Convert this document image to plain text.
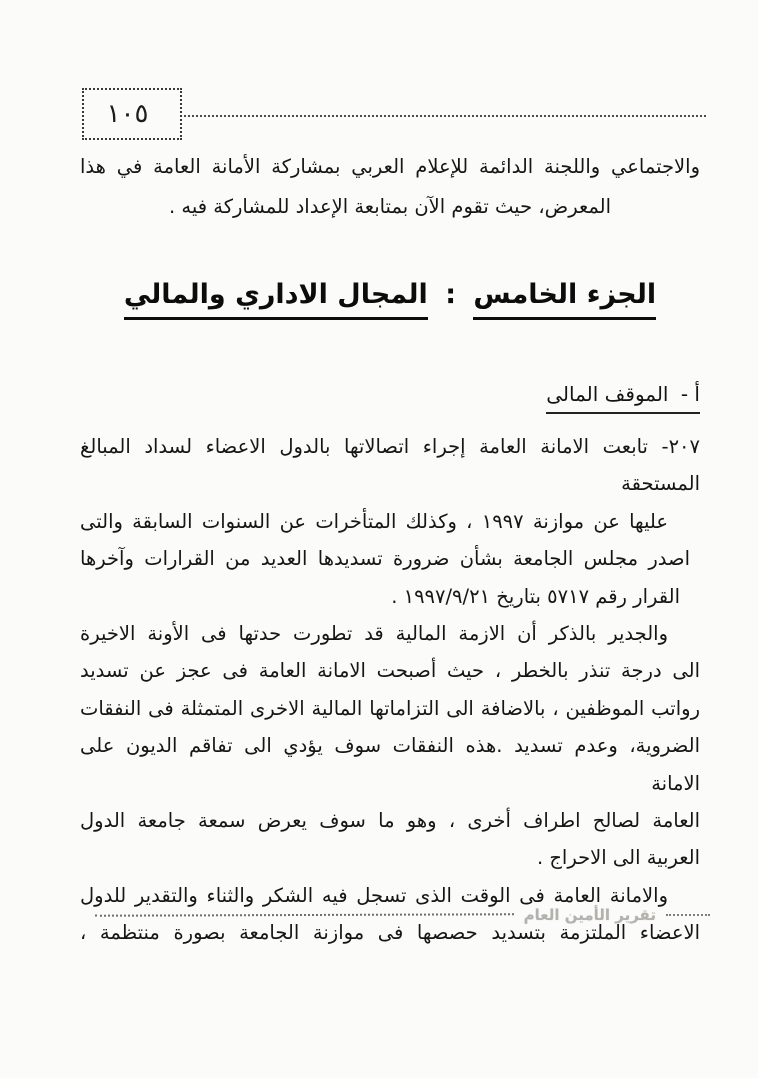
١٠٥
والاجتماعي واللجنة الدائمة للإعلام العربي بمشاركة الأمانة العامة في هذا
المعرض، حيث تقوم الآن بمتابعة الإعداد للمشاركة فيه .
الجزء الخامس : المجال الاداري والمالي
أ - الموقف المالى
٢٠٧- تابعت الامانة العامة إجراء اتصالاتها بالدول الاعضاء لسداد المبالغ المستحقة
عليها عن موازنة ١٩٩٧ ، وكذلك المتأخرات عن السنوات السابقة والتى
اصدر مجلس الجامعة بشأن ضرورة تسديدها العديد من القرارات وآخرها
القرار رقم ٥٧١٧ بتاريخ ١٩٩٧/٩/٢١ .
والجدير بالذكر أن الازمة المالية قد تطورت حدتها فى الأونة الاخيرة
الى درجة تنذر بالخطر ، حيث أصبحت الامانة العامة فى عجز عن تسديد
رواتب الموظفين ، بالاضافة الى التزاماتها المالية الاخرى المتمثلة فى النفقات
الضروية، وعدم تسديد .هذه النفقات سوف يؤدي الى تفاقم الديون على الامانة
العامة لصالح اطراف أخرى ، وهو ما سوف يعرض سمعة جامعة الدول
العربية الى الاحراج .
والامانة العامة فى الوقت الذى تسجل فيه الشكر والثناء والتقدير للدول
الاعضاء الملتزمة بتسديد حصصها فى موازنة الجامعة بصورة منتظمة ،
تقرير الأمين العام
